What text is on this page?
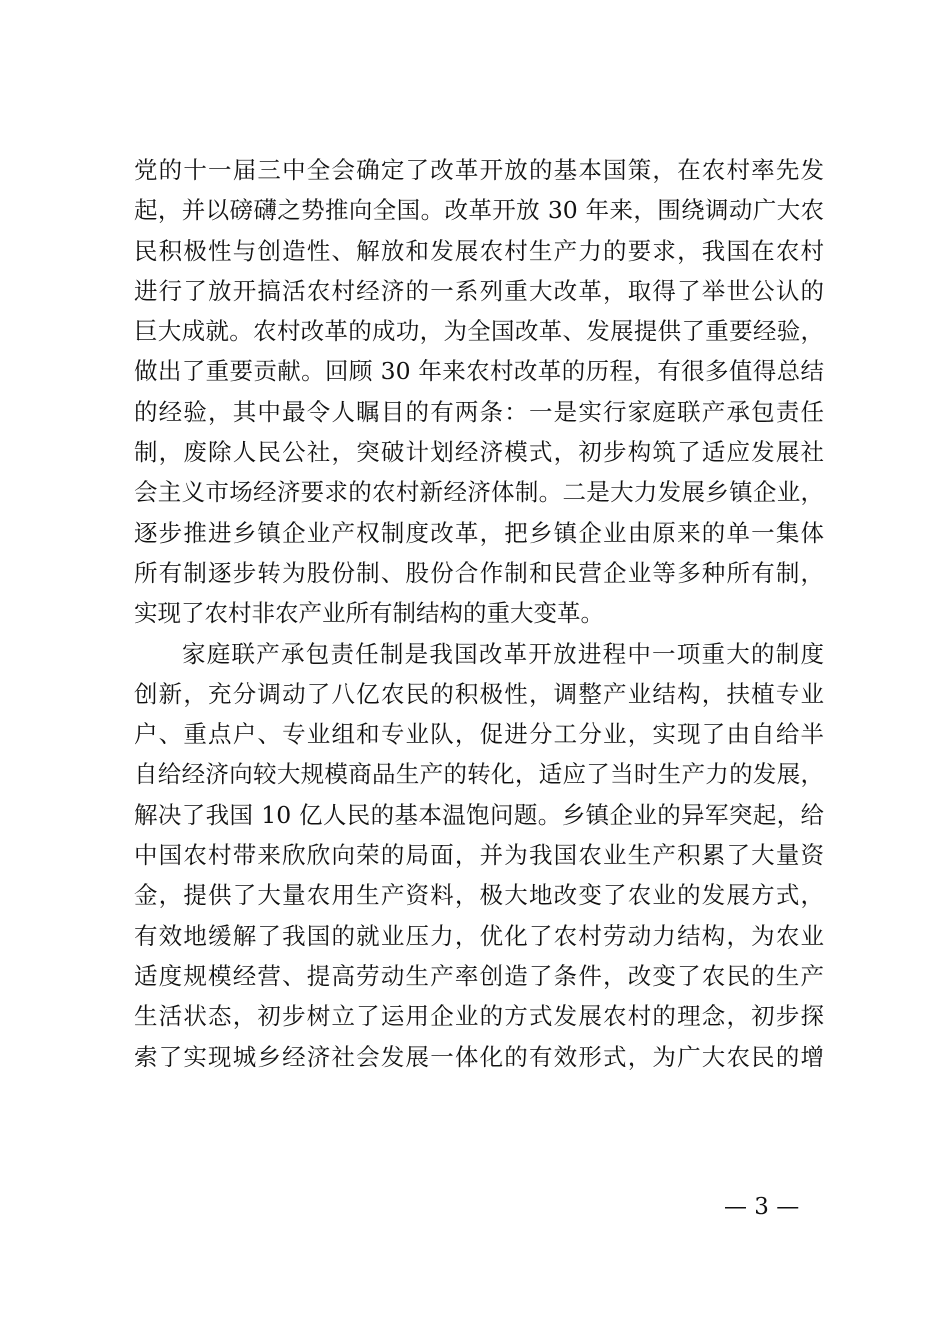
党的十一届三中全会确定了改革开放的基本国策，在农村率先发
起，并以磅礴之势推向全国。改革开放 30 年来，围绕调动广大农
民积极性与创造性、解放和发展农村生产力的要求，我国在农村
进行了放开搞活农村经济的一系列重大改革，取得了举世公认的
巨大成就。农村改革的成功，为全国改革、发展提供了重要经验，
做出了重要贡献。回顾 30 年来农村改革的历程，有很多值得总结
的经验，其中最令人瞩目的有两条：一是实行家庭联产承包责任
制，废除人民公社，突破计划经济模式，初步构筑了适应发展社
会主义市场经济要求的农村新经济体制。二是大力发展乡镇企业，
逐步推进乡镇企业产权制度改革，把乡镇企业由原来的单一集体
所有制逐步转为股份制、股份合作制和民营企业等多种所有制，
实现了农村非农产业所有制结构的重大变革。
家庭联产承包责任制是我国改革开放进程中一项重大的制度
创新，充分调动了八亿农民的积极性，调整产业结构，扶植专业
户、重点户、专业组和专业队，促进分工分业，实现了由自给半
自给经济向较大规模商品生产的转化，适应了当时生产力的发展，
解决了我国 10 亿人民的基本温饱问题。乡镇企业的异军突起，给
中国农村带来欣欣向荣的局面，并为我国农业生产积累了大量资
金，提供了大量农用生产资料，极大地改变了农业的发展方式，
有效地缓解了我国的就业压力，优化了农村劳动力结构，为农业
适度规模经营、提高劳动生产率创造了条件，改变了农民的生产
生活状态，初步树立了运用企业的方式发展农村的理念，初步探
索了实现城乡经济社会发展一体化的有效形式，为广大农民的增
— 3 —
